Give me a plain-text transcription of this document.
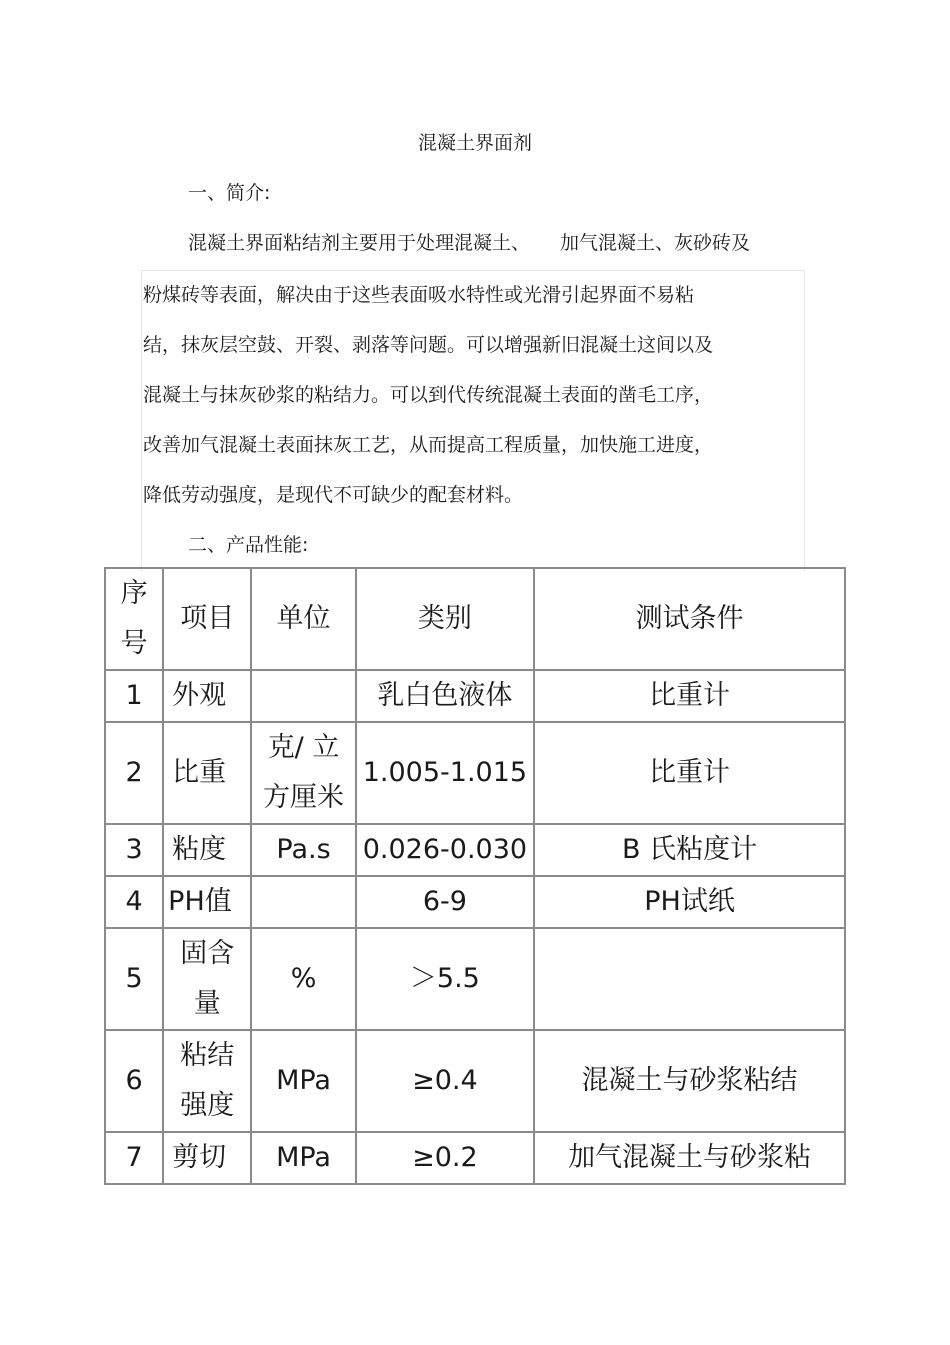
混凝土界面剂
一、简介:
混凝土界面粘结剂主要用于处理混凝土、 加气混凝土、灰砂砖及
粉煤砖等表面，解决由于这些表面吸水特性或光滑引起界面不易粘
结，抹灰层空鼓、开裂、剥落等问题。可以增强新旧混凝土这间以及
混凝土与抹灰砂浆的粘结力。可以到代传统混凝土表面的凿毛工序，
改善加气混凝土表面抹灰工艺，从而提高工程质量，加快施工进度，
降低劳动强度，是现代不可缺少的配套材料。
二、产品性能:
序
号	项目	单位	类别	测试条件
1	外观		乳白色液体	比重计
2	比重	克/ 立
方厘米	1.005-1.015	比重计
3	粘度	Pa.s	0.026-0.030	B 氏粘度计
4	PH值		6-9	PH试纸
5	固含
量	%	＞5.5	
6	粘结
强度	MPa	≥0.4	混凝土与砂浆粘结
7	剪切	MPa	≥0.2	加气混凝土与砂浆粘
